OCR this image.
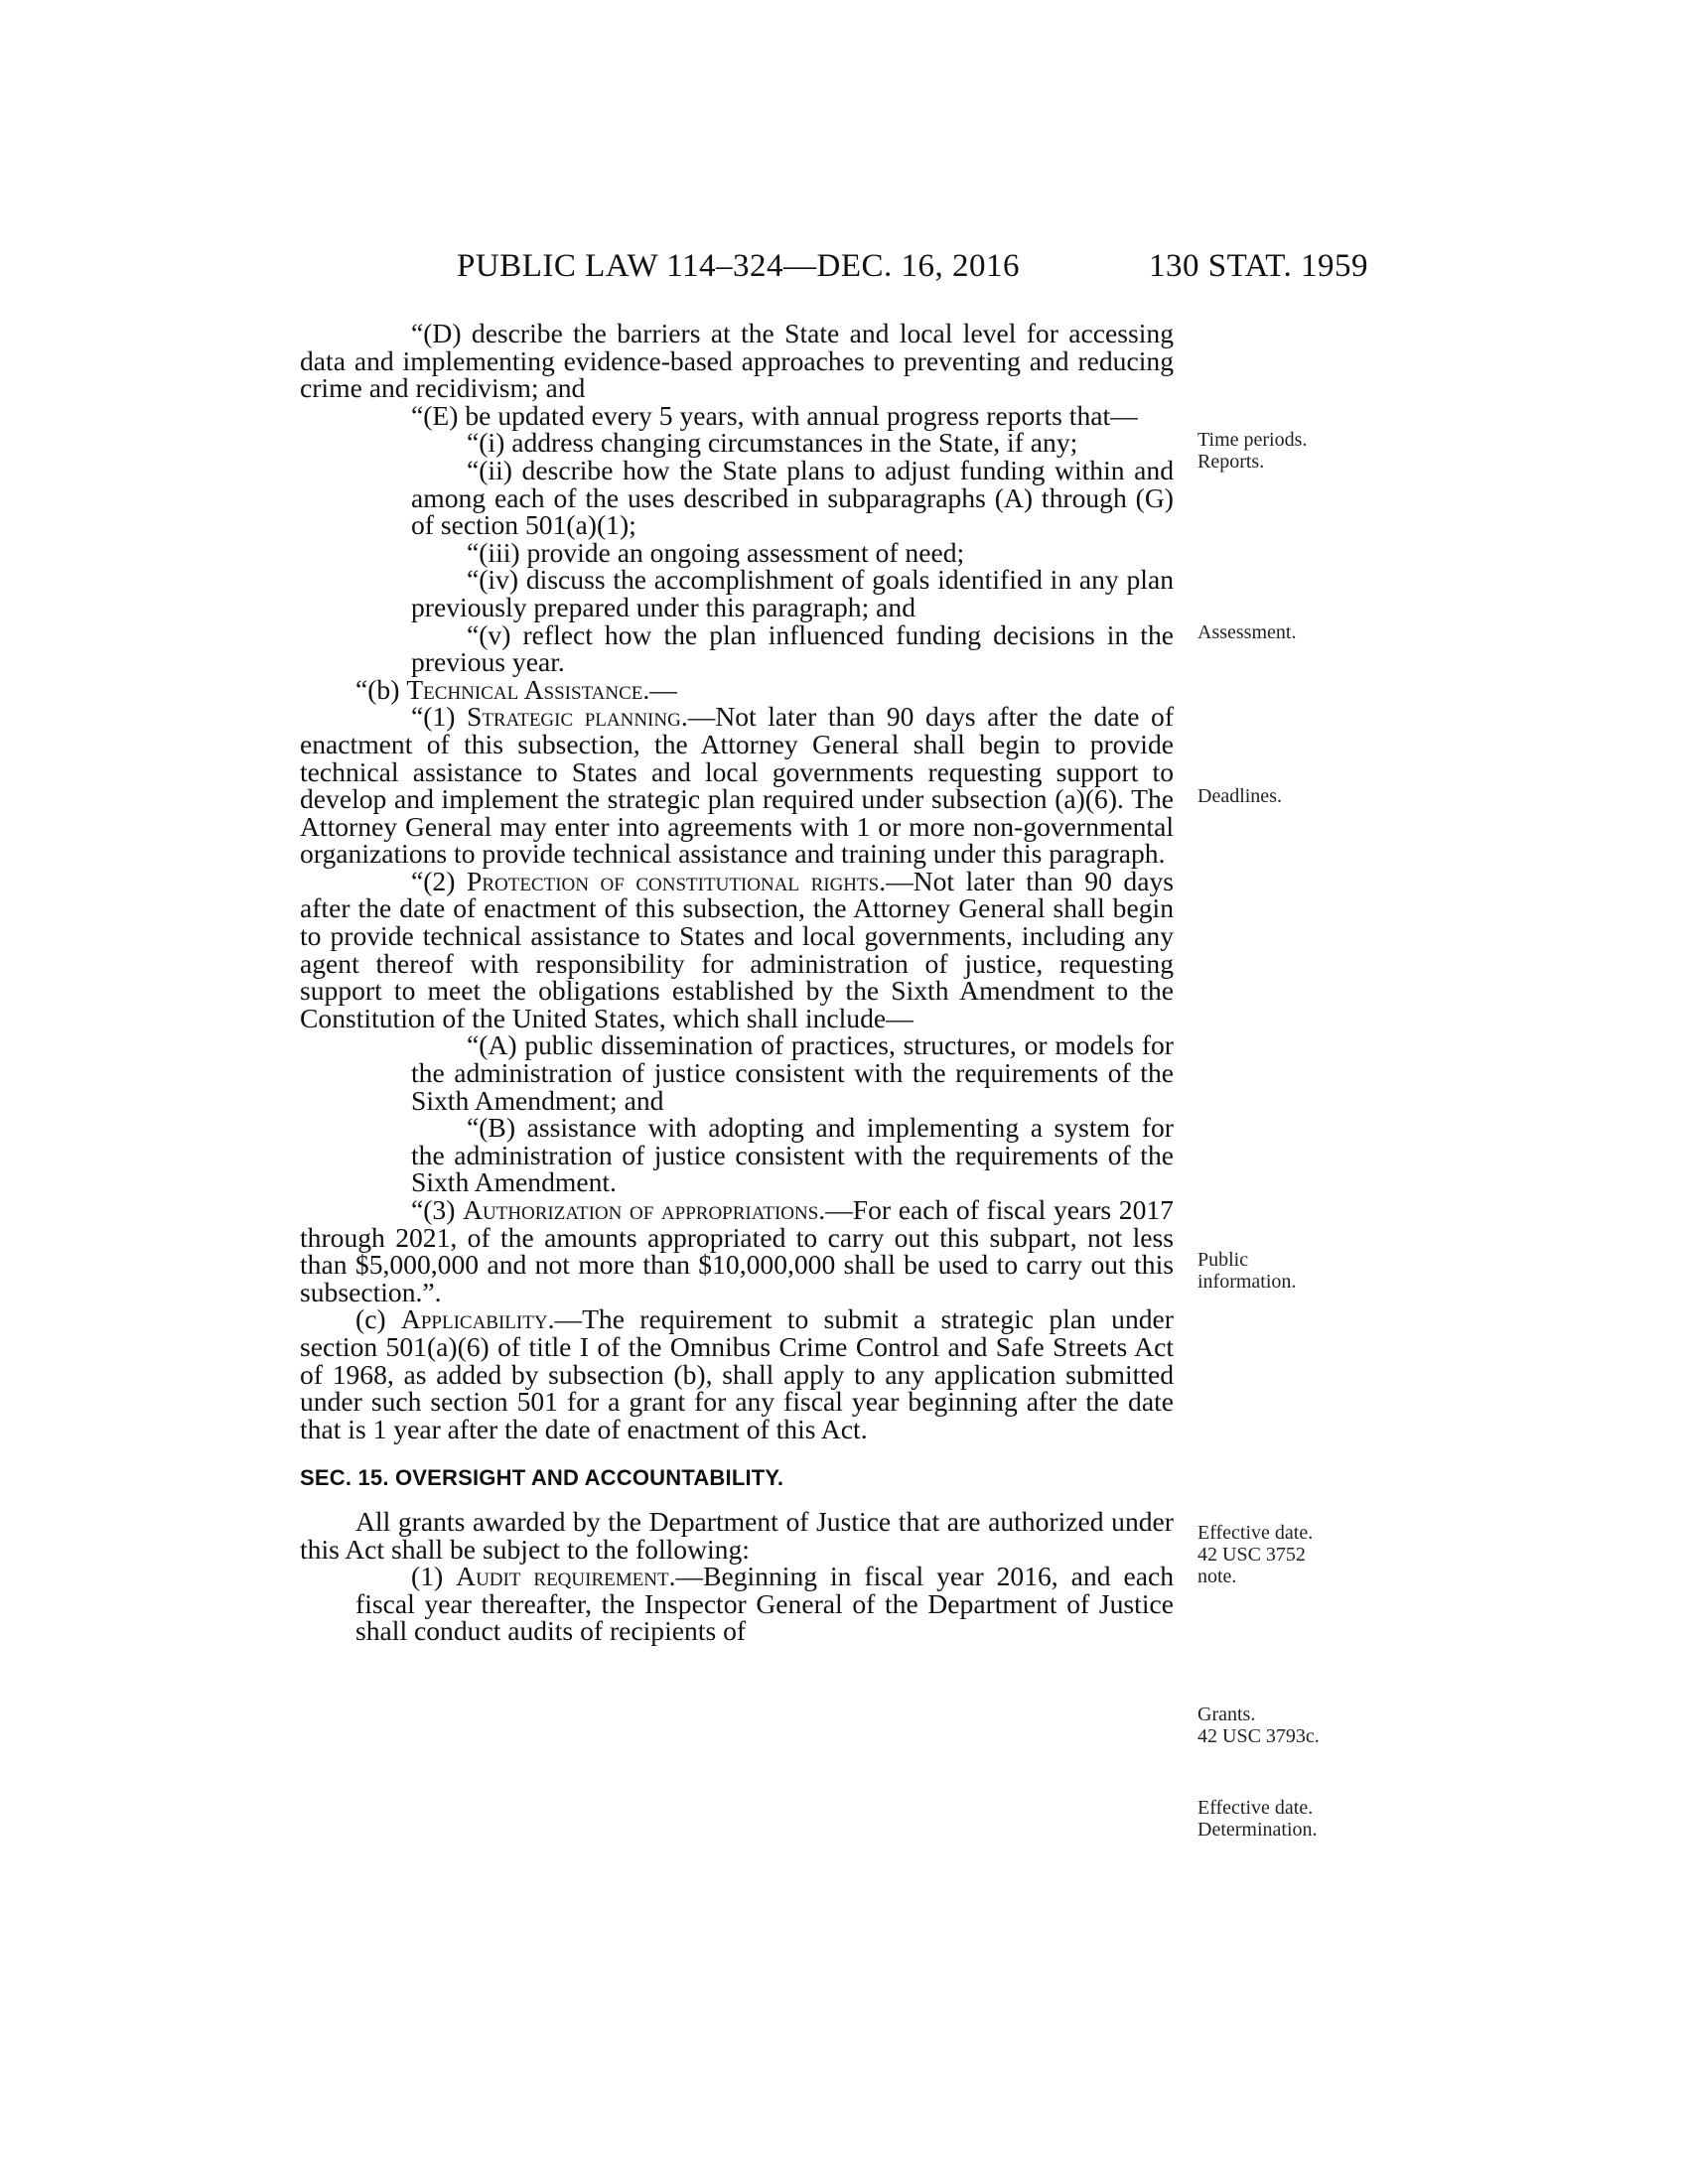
PUBLIC LAW 114–324—DEC. 16, 2016	130 STAT. 1959

“(D) describe the barriers at the State and local level for accessing data and implementing evidence-based approaches to preventing and reducing crime and recidivism; and

“(E) be updated every 5 years, with annual progress reports that—

“(i) address changing circumstances in the State, if any;

“(ii) describe how the State plans to adjust funding within and among each of the uses described in subparagraphs (A) through (G) of section 501(a)(1);

“(iii) provide an ongoing assessment of need;

“(iv) discuss the accomplishment of goals identified in any plan previously prepared under this paragraph; and

“(v) reflect how the plan influenced funding decisions in the previous year.

“(b) Technical Assistance.—

“(1) Strategic planning.—Not later than 90 days after the date of enactment of this subsection, the Attorney General shall begin to provide technical assistance to States and local governments requesting support to develop and implement the strategic plan required under subsection (a)(6). The Attorney General may enter into agreements with 1 or more non-governmental organizations to provide technical assistance and training under this paragraph.

“(2) Protection of constitutional rights.—Not later than 90 days after the date of enactment of this subsection, the Attorney General shall begin to provide technical assistance to States and local governments, including any agent thereof with responsibility for administration of justice, requesting support to meet the obligations established by the Sixth Amendment to the Constitution of the United States, which shall include—

“(A) public dissemination of practices, structures, or models for the administration of justice consistent with the requirements of the Sixth Amendment; and

“(B) assistance with adopting and implementing a system for the administration of justice consistent with the requirements of the Sixth Amendment.

“(3) Authorization of appropriations.—For each of fiscal years 2017 through 2021, of the amounts appropriated to carry out this subpart, not less than $5,000,000 and not more than $10,000,000 shall be used to carry out this subsection.”.

(c) Applicability.—The requirement to submit a strategic plan under section 501(a)(6) of title I of the Omnibus Crime Control and Safe Streets Act of 1968, as added by subsection (b), shall apply to any application submitted under such section 501 for a grant for any fiscal year beginning after the date that is 1 year after the date of enactment of this Act.

SEC. 15. OVERSIGHT AND ACCOUNTABILITY.

All grants awarded by the Department of Justice that are authorized under this Act shall be subject to the following:

(1) Audit requirement.—Beginning in fiscal year 2016, and each fiscal year thereafter, the Inspector General of the Department of Justice shall conduct audits of recipients of

Time periods.
Reports.
Assessment.
Deadlines.
Public
information.
Effective date.
42 USC 3752
note.
Grants.
42 USC 3793c.
Effective date.
Determination.
